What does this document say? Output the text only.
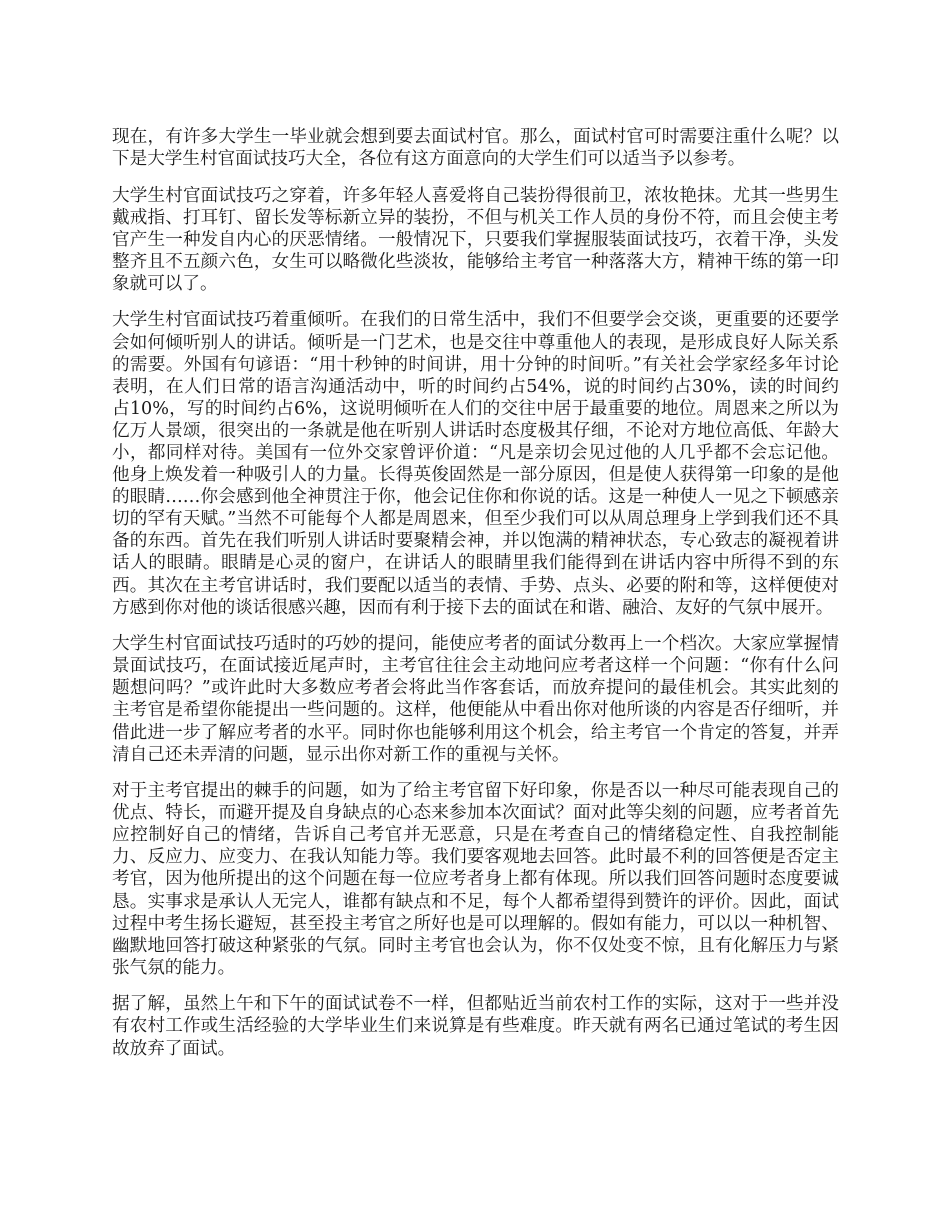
现在，有许多大学生一毕业就会想到要去面试村官。那么，面试村官可时需要注重什么呢？以下是大学生村官面试技巧大全，各位有这方面意向的大学生们可以适当予以参考。

大学生村官面试技巧之穿着，许多年轻人喜爱将自己装扮得很前卫，浓妆艳抹。尤其一些男生戴戒指、打耳钉、留长发等标新立异的装扮，不但与机关工作人员的身份不符，而且会使主考官产生一种发自内心的厌恶情绪。一般情况下，只要我们掌握服装面试技巧，衣着干净，头发整齐且不五颜六色，女生可以略微化些淡妆，能够给主考官一种落落大方，精神干练的第一印象就可以了。

大学生村官面试技巧着重倾听。在我们的日常生活中，我们不但要学会交谈，更重要的还要学会如何倾听别人的讲话。倾听是一门艺术，也是交往中尊重他人的表现，是形成良好人际关系的需要。外国有句谚语：“用十秒钟的时间讲，用十分钟的时间听。”有关社会学家经多年讨论表明，在人们日常的语言沟通活动中，听的时间约占54%，说的时间约占30%，读的时间约占10%，写的时间约占6%，这说明倾听在人们的交往中居于最重要的地位。周恩来之所以为亿万人景颂，很突出的一条就是他在听别人讲话时态度极其仔细，不论对方地位高低、年龄大小，都同样对待。美国有一位外交家曾评价道：“凡是亲切会见过他的人几乎都不会忘记他。他身上焕发着一种吸引人的力量。长得英俊固然是一部分原因，但是使人获得第一印象的是他的眼睛……你会感到他全神贯注于你，他会记住你和你说的话。这是一种使人一见之下顿感亲切的罕有天赋。”当然不可能每个人都是周恩来，但至少我们可以从周总理身上学到我们还不具备的东西。首先在我们听别人讲话时要聚精会神，并以饱满的精神状态，专心致志的凝视着讲话人的眼睛。眼睛是心灵的窗户，在讲话人的眼睛里我们能得到在讲话内容中所得不到的东西。其次在主考官讲话时，我们要配以适当的表情、手势、点头、必要的附和等，这样便使对方感到你对他的谈话很感兴趣，因而有利于接下去的面试在和谐、融洽、友好的气氛中展开。

大学生村官面试技巧适时的巧妙的提问，能使应考者的面试分数再上一个档次。大家应掌握情景面试技巧，在面试接近尾声时，主考官往往会主动地问应考者这样一个问题：“你有什么问题想问吗？”或许此时大多数应考者会将此当作客套话，而放弃提问的最佳机会。其实此刻的主考官是希望你能提出一些问题的。这样，他便能从中看出你对他所谈的内容是否仔细听，并借此进一步了解应考者的水平。同时你也能够利用这个机会，给主考官一个肯定的答复，并弄清自己还未弄清的问题，显示出你对新工作的重视与关怀。

对于主考官提出的棘手的问题，如为了给主考官留下好印象，你是否以一种尽可能表现自己的优点、特长，而避开提及自身缺点的心态来参加本次面试？面对此等尖刻的问题，应考者首先应控制好自己的情绪，告诉自己考官并无恶意，只是在考查自己的情绪稳定性、自我控制能力、反应力、应变力、在我认知能力等。我们要客观地去回答。此时最不利的回答便是否定主考官，因为他所提出的这个问题在每一位应考者身上都有体现。所以我们回答问题时态度要诚恳。实事求是承认人无完人，谁都有缺点和不足，每个人都希望得到赞许的评价。因此，面试过程中考生扬长避短，甚至投主考官之所好也是可以理解的。假如有能力，可以以一种机智、幽默地回答打破这种紧张的气氛。同时主考官也会认为，你不仅处变不惊，且有化解压力与紧张气氛的能力。

据了解，虽然上午和下午的面试试卷不一样，但都贴近当前农村工作的实际，这对于一些并没有农村工作或生活经验的大学毕业生们来说算是有些难度。昨天就有两名已通过笔试的考生因故放弃了面试。
